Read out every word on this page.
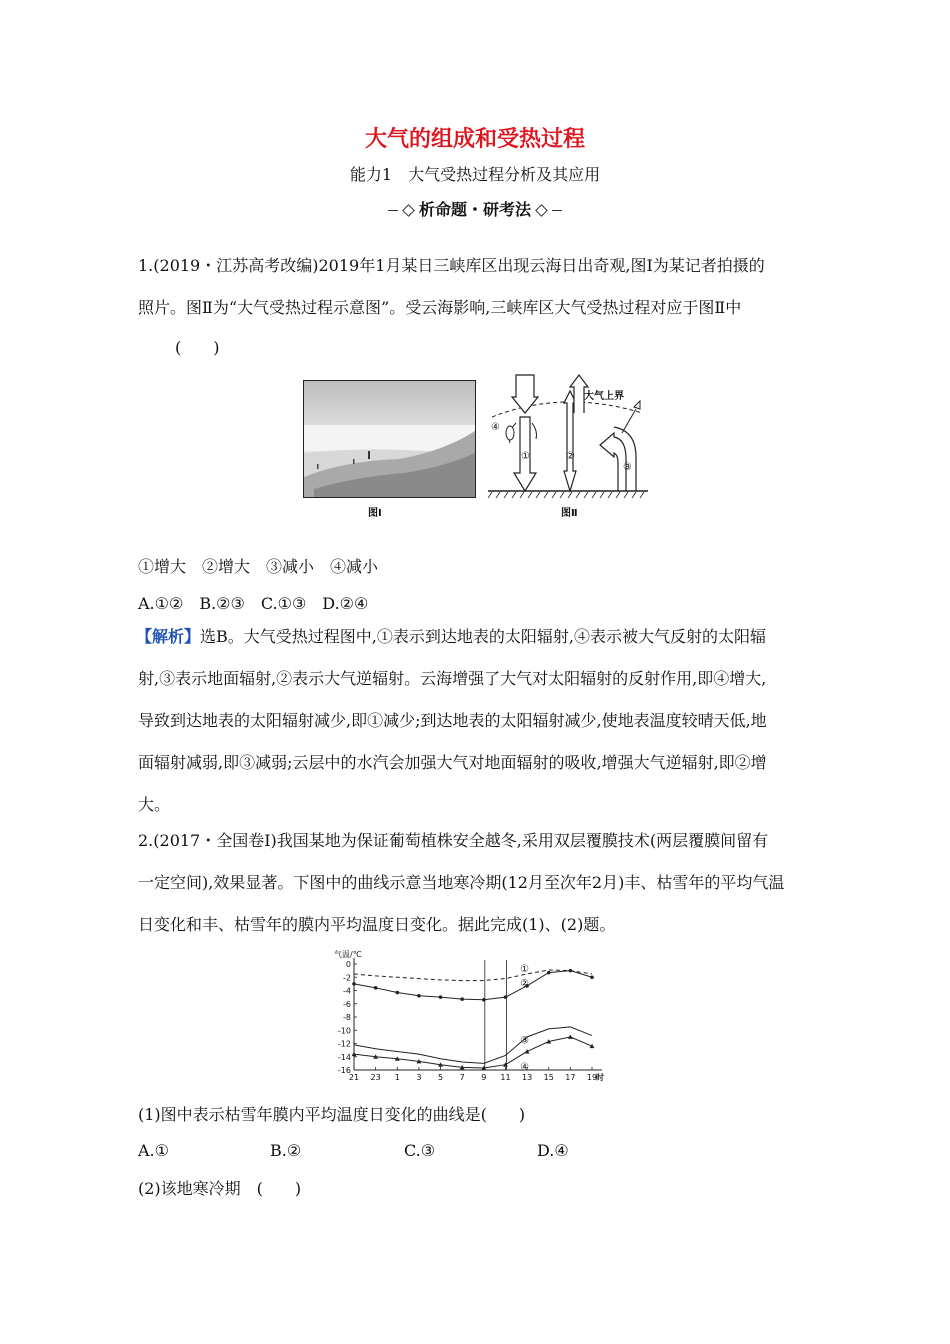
大气的组成和受热过程
能力1　大气受热过程分析及其应用
析命题・研考法
1.(2019・江苏高考改编)2019年1月某日三峡库区出现云海日出奇观,图Ⅰ为某记者拍摄的
照片。图Ⅱ为“大气受热过程示意图”。受云海影响,三峡库区大气受热过程对应于图Ⅱ中
(　　)
图Ⅰ
大气上界
①	②
③
④
图Ⅱ
①增大　②增大　③减小　④减小
A.①②　B.②③　C.①③　D.②④
【解析】选B。大气受热过程图中,①表示到达地表的太阳辐射,④表示被大气反射的太阳辐
射,③表示地面辐射,②表示大气逆辐射。云海增强了大气对太阳辐射的反射作用,即④增大,
导致到达地表的太阳辐射减少,即①减少;到达地表的太阳辐射减少,使地表温度较晴天低,地
面辐射减弱,即③减弱;云层中的水汽会加强大气对地面辐射的吸收,增强大气逆辐射,即②增
大。
2.(2017・全国卷Ⅰ)我国某地为保证葡萄植株安全越冬,采用双层覆膜技术(两层覆膜间留有
一定空间),效果显著。下图中的曲线示意当地寒冷期(12月至次年2月)丰、枯雪年的平均气温
日变化和丰、枯雪年的膜内平均温度日变化。据此完成(1)、(2)题。
气温/℃
0
-2
-4
-6
-8
-10
-12
-14
-16
21 23 1 3 5 7 9 11 13 15 17 19
时
①
②
③
④
(1)图中表示枯雪年膜内平均温度日变化的曲线是(　　)
A.①	B.②	C.③	D.④
(2)该地寒冷期　(　　)
